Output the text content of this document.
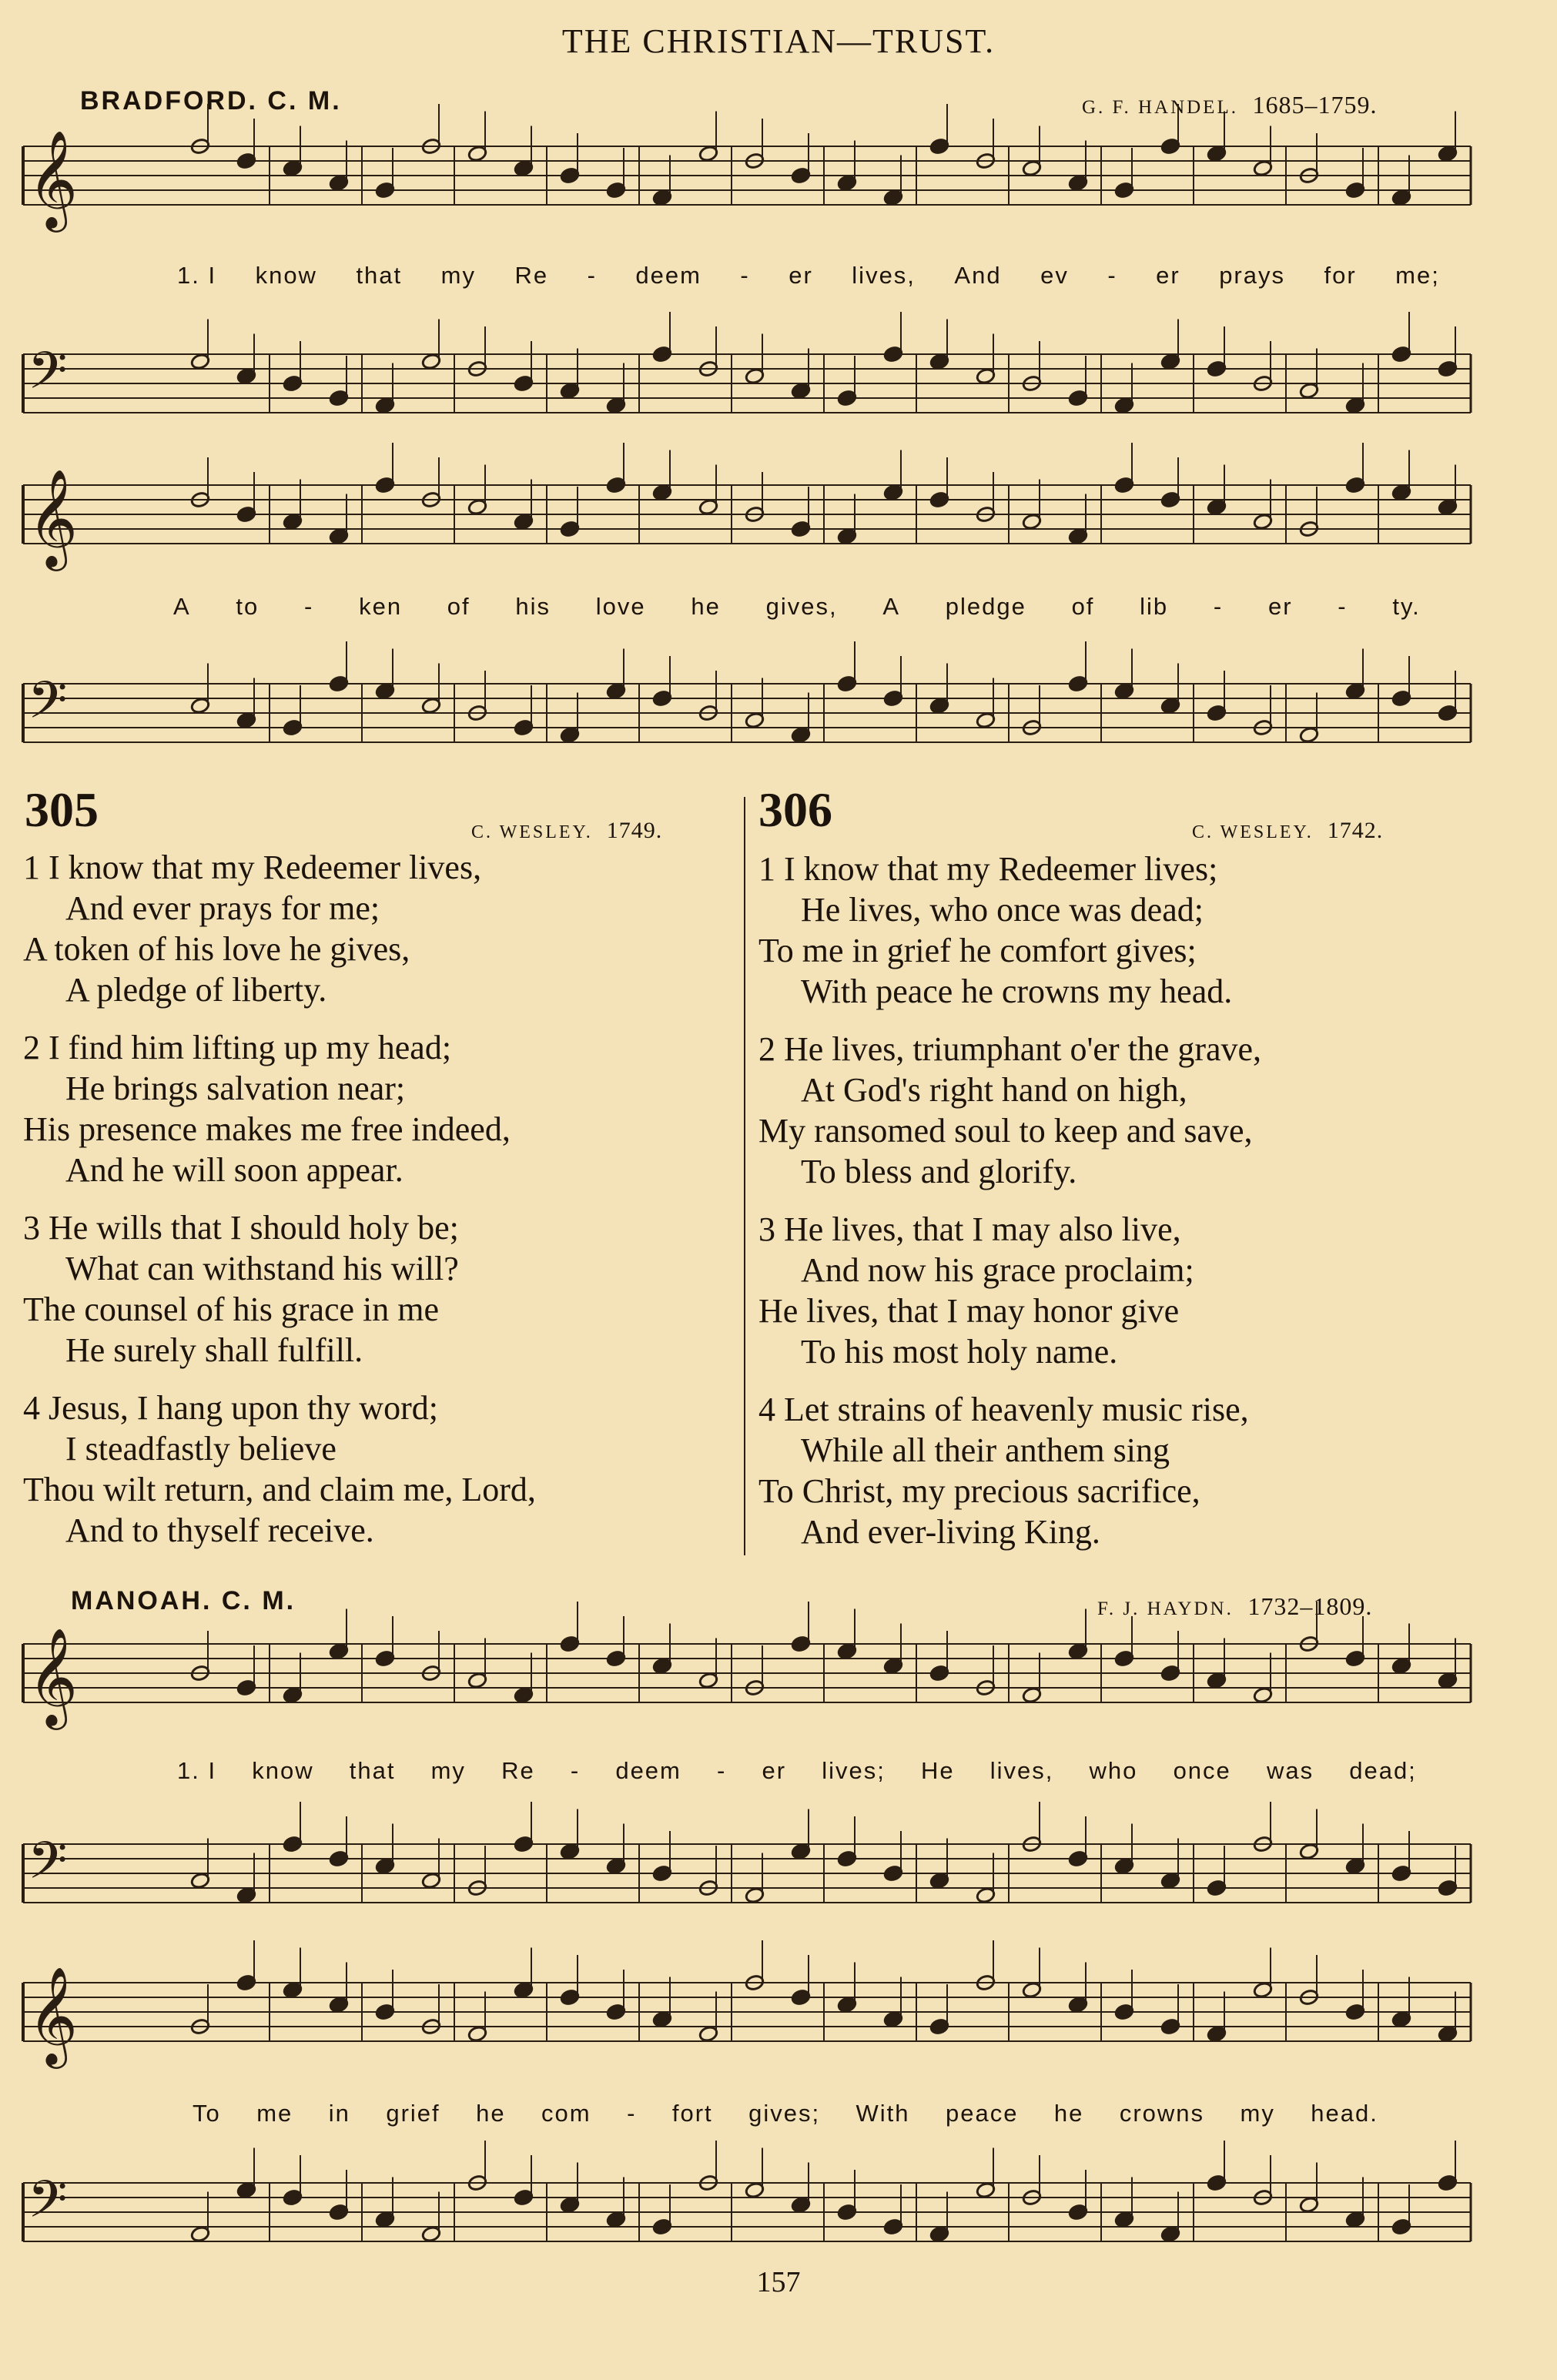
THE CHRISTIAN—TRUST.
BRADFORD. C. M.	G. F. HANDEL. 1685–1759.
𝄞
1. I know that my Re - deem - er lives, And ev - er prays for me;
𝄢
𝄞
A to - ken of his love he gives, A pledge of lib - er - ty.
𝄢
305	C. WESLEY. 1749.
1 I know that my Redeemer lives,
And ever prays for me;
A token of his love he gives,
A pledge of liberty.
2 I find him lifting up my head;
He brings salvation near;
His presence makes me free indeed,
And he will soon appear.
3 He wills that I should holy be;
What can withstand his will?
The counsel of his grace in me
He surely shall fulfill.
4 Jesus, I hang upon thy word;
I steadfastly believe
Thou wilt return, and claim me, Lord,
And to thyself receive.
306	C. WESLEY. 1742.
1 I know that my Redeemer lives;
He lives, who once was dead;
To me in grief he comfort gives;
With peace he crowns my head.
2 He lives, triumphant o'er the grave,
At God's right hand on high,
My ransomed soul to keep and save,
To bless and glorify.
3 He lives, that I may also live,
And now his grace proclaim;
He lives, that I may honor give
To his most holy name.
4 Let strains of heavenly music rise,
While all their anthem sing
To Christ, my precious sacrifice,
And ever-living King.
MANOAH. C. M.	F. J. HAYDN. 1732–1809.
𝄞
1. I know that my Re - deem - er lives; He lives, who once was dead;
𝄢
𝄞
To me in grief he com - fort gives; With peace he crowns my head.
𝄢
157
